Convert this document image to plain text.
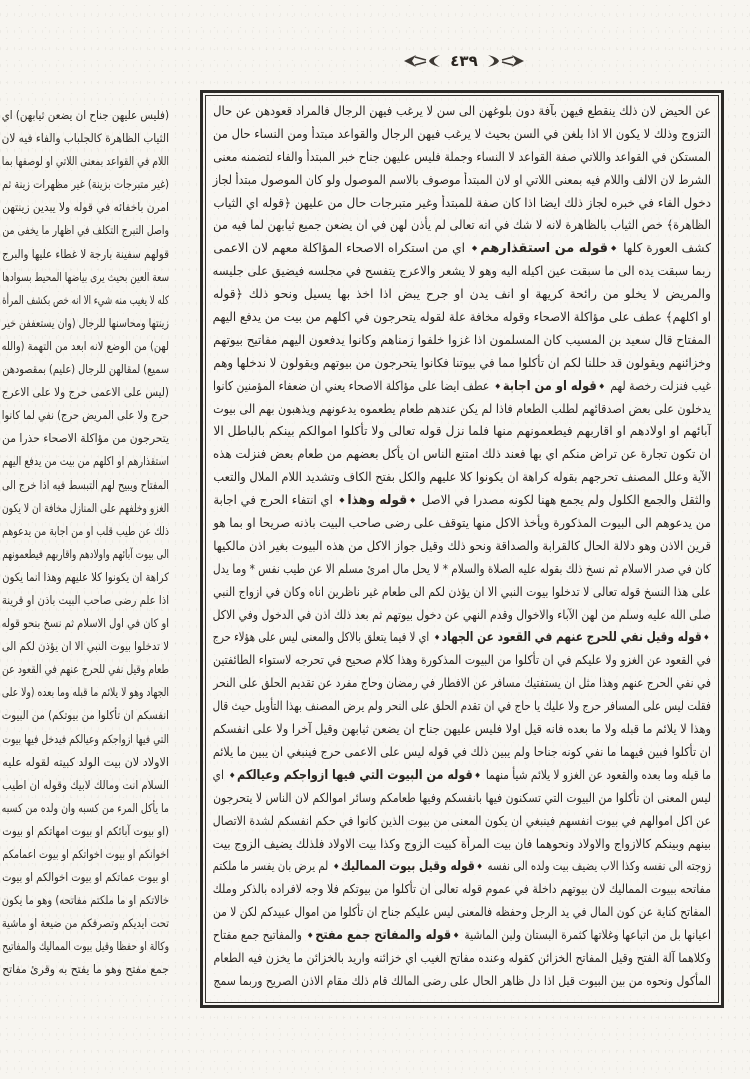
٤٣٩
(فليس عليهن جناح ان يضعن ثيابهن) اي
الثياب الظاهرة كالجلباب والفاء فيه لان
اللام في القواعد بمعنى اللاتي او لوصفها بما
(غير متبرجات بزينة) غير مظهرات زينة ثم
امرن باخفائه في قوله ولا يبدين زينتهن
واصل التبرج التكلف في اظهار ما يخفى من
قولهم سفينة بارجة لا غطاء عليها والبرج
سعة العين بحيث يرى بياضها المحيط بسوادها
كله لا يغيب منه شيء الا انه خص بكشف المرأة
زينتها ومحاسنها للرجال (وان يستعففن خير
لهن) من الوضع لانه ابعد من التهمة (والله
سميع) لمقالهن للرجال (عليم) بمقصودهن
(ليس على الاعمى حرج ولا على الاعرج
حرج ولا على المريض حرج) نفي لما كانوا
يتحرجون من مؤاكلة الاصحاء حذرا من
استقذارهم او اكلهم من بيت من يدفع اليهم
المفتاح ويبيح لهم التبسط فيه اذا خرج الى
الغزو وخلفهم على المنازل مخافة ان لا يكون
ذلك عن طيب قلب او من اجابة من يدعوهم
الى بيوت آبائهم واولادهم واقاربهم فيطعمونهم
كراهة ان يكونوا كلا عليهم وهذا انما يكون
اذا علم رضى صاحب البيت باذن او قرينة
او كان في اول الاسلام ثم نسخ بنحو قوله
لا تدخلوا بيوت النبي الا ان يؤذن لكم الى
طعام وقيل نفي للحرج عنهم في القعود عن
الجهاد وهو لا يلائم ما قبله وما بعده (ولا على
انفسكم ان تأكلوا من بيوتكم) من البيوت
التي فيها ازواجكم وعيالكم فيدخل فيها بيوت
الاولاد لان بيت الولد كبيته لقوله عليه
السلام انت ومالك لابيك وقوله ان اطيب
ما يأكل المرء من كسبه وان ولده من كسبه
(او بيوت آبائكم او بيوت امهاتكم او بيوت
اخوانكم او بيوت اخواتكم او بيوت اعمامكم
او بيوت عماتكم او بيوت اخوالكم او بيوت
خالاتكم او ما ملكتم مفاتحه) وهو ما يكون
تحت ايديكم وتصرفكم من ضيعة او ماشية
وكالة او حفظا وقيل بيوت المماليك والمفاتيح
جمع مفتح وهو ما يفتح به وقرئ مفاتح
عن الحيض لان ذلك ينقطع فيهن بآفة دون بلوغهن الى سن لا يرغب فيهن الرجال فالمراد قعودهن عن حال
التزوج وذلك لا يكون الا اذا بلغن في السن بحيث لا يرغب فيهن الرجال والقواعد مبتدأ ومن النساء حال من
المستكن في القواعد واللاتي صفة القواعد لا النساء وجملة فليس عليهن جناح خبر المبتدأ والفاء لتضمنه معنى
الشرط لان الالف واللام فيه بمعنى اللاتي او لان المبتدأ موصوف بالاسم الموصول ولو كان الموصول مبتدأ لجاز
دخول الفاء في خبره لجاز ذلك ايضا اذا كان صفة للمبتدأ وغير متبرجات حال من عليهن ﴿قوله اي الثياب
الظاهرة﴾ خص الثياب بالظاهرة لانه لا شك في انه تعالى لم يأذن لهن في ان يضعن جميع ثيابهن لما فيه من
كشف العورة كلها ◆ قوله من استقذارهم ◆ اي من استكراه الاصحاء المؤاكلة معهم لان الاعمى
ربما سبقت يده الى ما سبقت عين اكيله اليه وهو لا يشعر والاعرج يتفسح في مجلسه فيضيق على جليسه
والمريض لا يخلو من رائحة كريهة او انف يدن او جرح يبض اذا اخذ بها يسيل ونحو ذلك ﴿قوله
او اكلهم﴾ عطف على مؤاكلة الاصحاء وقوله مخافة علة لقوله يتحرجون في اكلهم من بيت من يدفع اليهم
المفتاح قال سعيد بن المسيب كان المسلمون اذا غزوا خلفوا زمناهم وكانوا يدفعون اليهم مفاتيح بيوتهم
وخزائنهم ويقولون قد حللنا لكم ان تأكلوا مما في بيوتنا فكانوا يتحرجون من بيوتهم ويقولون لا ندخلها وهم
غيب فنزلت رخصة لهم ◆ قوله او من اجابة ◆ عطف ايضا على مؤاكلة الاصحاء يعني ان ضعفاء المؤمنين كانوا
يدخلون على بعض اصدقائهم لطلب الطعام فاذا لم يكن عندهم طعام يطعموه يدعونهم ويذهبون بهم الى بيوت
آبائهم او اولادهم او اقاربهم فيطعمونهم منها فلما نزل قوله تعالى ولا تأكلوا اموالكم بينكم بالباطل الا
ان تكون تجارة عن تراض منكم اي بها فعند ذلك امتنع الناس ان يأكل بعضهم من طعام بعض فنزلت هذه
الآية وعلل المصنف تحرجهم بقوله كراهة ان يكونوا كلا عليهم والكل بفتح الكاف وتشديد اللام الملال والتعب
والثقل والجمع الكلول ولم يجمع ههنا لكونه مصدرا في الاصل ◆ قوله وهذا ◆ اي انتفاء الحرج في اجابة
من يدعوهم الى البيوت المذكورة ويأخذ الاكل منها يتوقف على رضى صاحب البيت باذنه صريحا او بما هو
قرين الاذن وهو دلالة الحال كالقرابة والصداقة ونحو ذلك وقيل جواز الاكل من هذه البيوت بغير اذن مالكيها
كان في صدر الاسلام ثم نسخ ذلك بقوله عليه الصلاة والسلام * لا يحل مال امرئ مسلم الا عن طيب نفس * وما يدل
على هذا النسخ قوله تعالى لا تدخلوا بيوت النبي الا ان يؤذن لكم الى طعام غير ناظرين اناه وكان في ازواج النبي
صلى الله عليه وسلم من لهن الآباء والاخوال وقدم النهي عن دخول بيوتهم ثم بعد ذلك اذن في الدخول وفي الاكل
◆ قوله وقيل نفي للحرج عنهم في القعود عن الجهاد ◆ اي لا فيما يتعلق بالاكل والمعنى ليس على هؤلاء حرج
في القعود عن الغزو ولا عليكم في ان تأكلوا من البيوت المذكورة وهذا كلام صحيح في تحرجه لاستواء الطائفتين
في نفي الحرج عنهم وهذا مثل ان يستفتيك مسافر عن الافطار في رمضان وحاج مفرد عن تقديم الحلق على النحر
فقلت ليس على المسافر حرج ولا عليك يا حاج في ان تقدم الحلق على النحر ولم يرض المصنف بهذا التأويل حيث قال
وهذا لا يلائم ما قبله ولا ما بعده فانه قيل اولا فليس عليهن جناح ان يضعن ثيابهن وقيل آخرا ولا على انفسكم
ان تأكلوا فبين فيهما ما نفي كونه جناحا ولم يبين ذلك في قوله ليس على الاعمى حرج فينبغي ان يبين ما يلائم
ما قبله وما بعده والقعود عن الغزو لا يلائم شيأ منهما ◆ قوله من البيوت التي فيها ازواجكم وعيالكم ◆ اي
ليس المعنى ان تأكلوا من البيوت التي تسكنون فيها بانفسكم وفيها طعامكم وسائر اموالكم لان الناس لا يتحرجون
عن اكل اموالهم في بيوت انفسهم فينبغي ان يكون المعنى من بيوت الذين كانوا في حكم انفسكم لشدة الاتصال
بينهم وبينكم كالازواج والاولاد ونحوهما فان بيت المرأة كبيت الزوج وكذا بيت الاولاد فلذلك يضيف الزوج بيت
زوجته الى نفسه وكذا الاب يضيف بيت ولده الى نفسه ◆ قوله وقيل بيوت المماليك ◆ لم يرض بان يفسر ما ملكتم
مفاتحه ببيوت المماليك لان بيوتهم داخلة في عموم قوله تعالى ان تأكلوا من بيوتكم فلا وجه لافراده بالذكر وملك
المفاتح كناية عن كون المال في يد الرجل وحفظه فالمعنى ليس عليكم جناح ان تأكلوا من اموال عبيدكم لكن لا من
اعيانها بل من اتباعها وغلاتها كثمرة البستان ولبن الماشية ◆ قوله والمفاتح جمع مفتح ◆ والمفاتيح جمع مفتاح
وكلاهما آلة الفتح وقيل المفاتح الخزائن كقوله وعنده مفاتح الغيب اي خزائنه واريد بالخزائن ما يخزن فيه الطعام
المأكول ونحوه من بين البيوت قيل اذا دل ظاهر الحال على رضى المالك قام ذلك مقام الاذن الصريح وربما سمج
